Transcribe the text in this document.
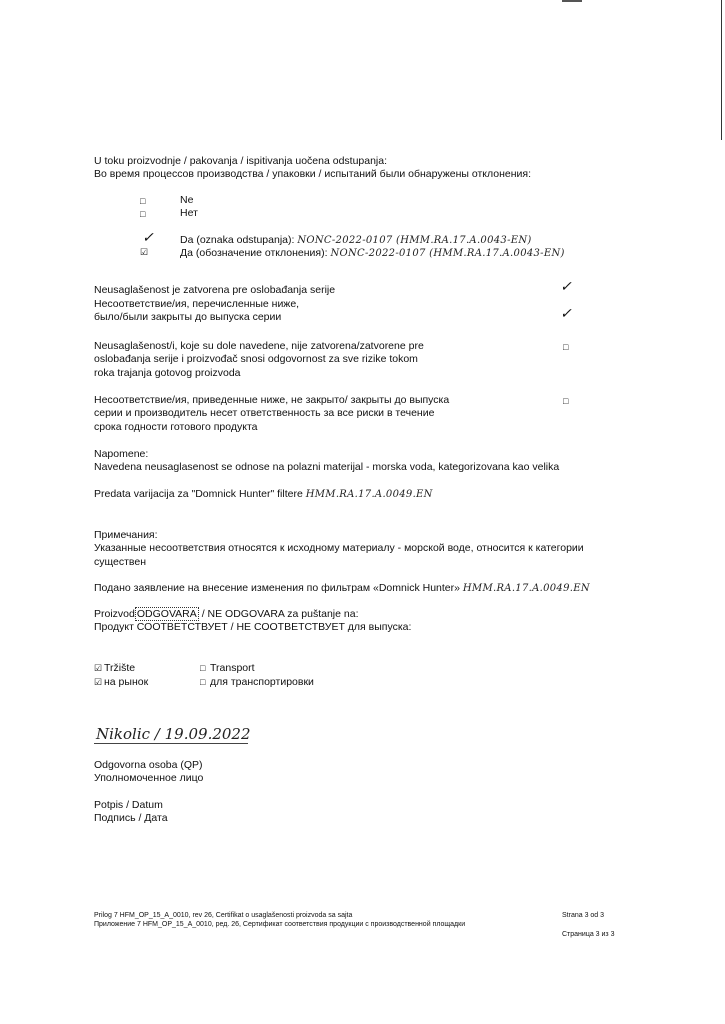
U toku proizvodnje / pakovanja / ispitivanja uočena odstupanja:
Во время процессов производства / упаковки / испытаний были обнаружены отклонения:
□	Ne
□	Нет
✓
☑
Da (oznaka odstupanja): NONC-2022-0107 (HMM.RA.17.A.0043-EN)
Да (обозначение отклонения): NONC-2022-0107 (HMM.RA.17.A.0043-EN)
Neusaglašenost je zatvorena pre oslobađanja serije
Несоответствие/ия, перечисленные ниже,
было/были закрыты до выпуска серии
✓
✓
Neusaglašenost/i, koje su dole navedene, nije zatvorena/zatvorene pre
oslobađanja serije i proizvođač snosi odgovornost za sve rizike tokom
roka trajanja gotovog proizvoda
□
Несоответствие/ия, приведенные ниже, не закрыто/ закрыты до выпуска
серии и производитель несет ответственность за все риски в течение
срока годности готового продукта
□
Napomene:
Navedena neusaglasenost se odnose na polazni materijal - morska voda, kategorizovana kao velika
Predata varijacija za "Domnick Hunter" filtere HMM.RA.17.A.0049.EN
Примечания:
Указанные несоответствия относятся к исходному материалу - морской воде, относится к категории
существен
Подано заявление на внесение изменения по фильтрам «Domnick Hunter» HMM.RA.17.A.0049.EN
Proizvod ODGOVARA / NE ODGOVARA za puštanje na:
Продукт СООТВЕТСТВУЕТ / НЕ СООТВЕТСТВУЕТ для выпуска:
☑ Tržište
☑ на рынок
□ Transport
□ для транспортировки
Nikolic / 19.09.2022
Odgovorna osoba (QP)
Уполномоченное лицо
Potpis / Datum
Подпись / Дата
Prilog 7 HFM_OP_15_A_0010, rev 26, Certifikat o usaglašenosti proizvoda sa sajta
Приложение 7 HFM_OP_15_A_0010, ред. 26, Сертификат соответствия продукции с производственной площадки
Strana 3 od 3
Страница 3 из 3
